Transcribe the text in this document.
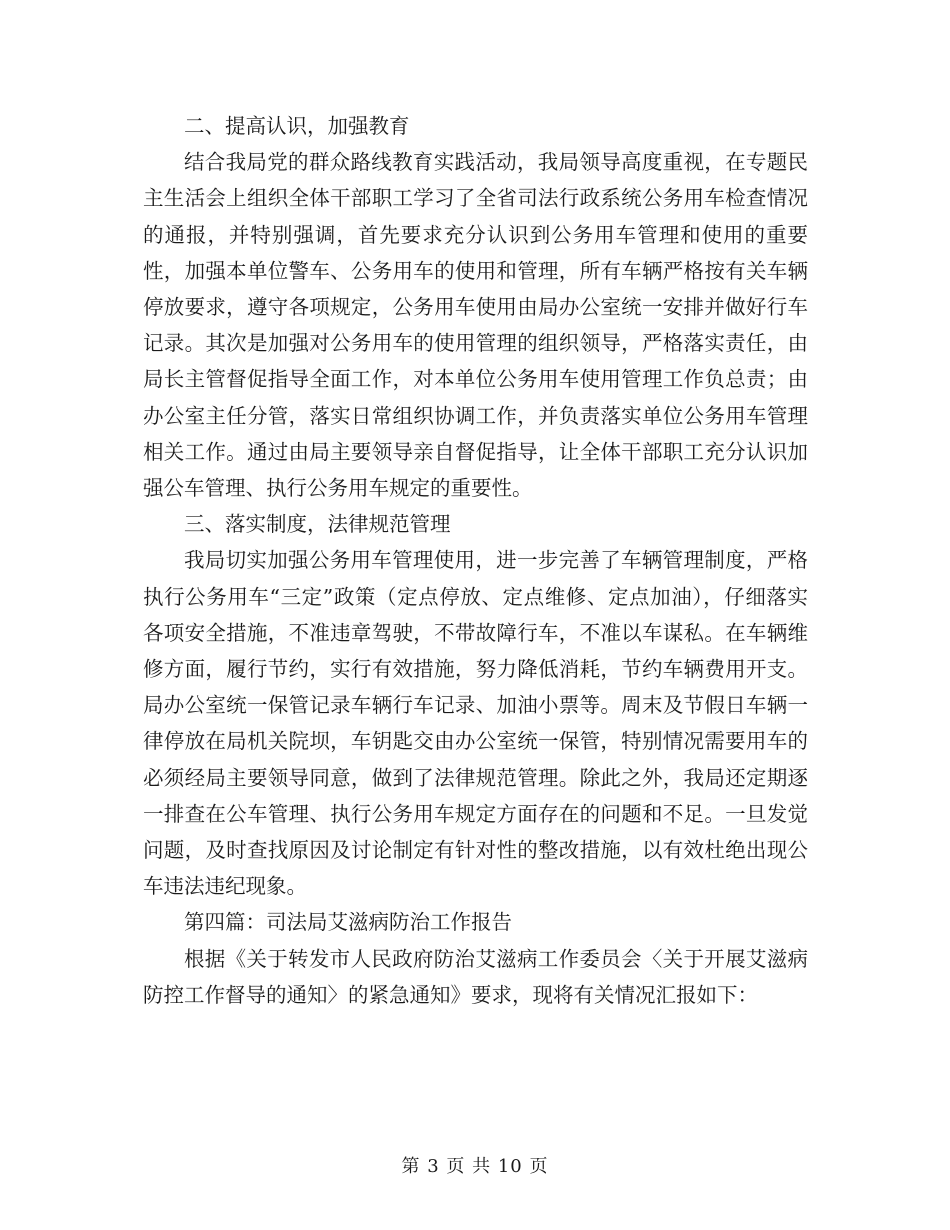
二、提高认识，加强教育

结合我局党的群众路线教育实践活动，我局领导高度重视，在专题民主生活会上组织全体干部职工学习了全省司法行政系统公务用车检查情况的通报，并特别强调，首先要求充分认识到公务用车管理和使用的重要性，加强本单位警车、公务用车的使用和管理，所有车辆严格按有关车辆停放要求，遵守各项规定，公务用车使用由局办公室统一安排并做好行车记录。其次是加强对公务用车的使用管理的组织领导，严格落实责任，由局长主管督促指导全面工作，对本单位公务用车使用管理工作负总责；由办公室主任分管，落实日常组织协调工作，并负责落实单位公务用车管理相关工作。通过由局主要领导亲自督促指导，让全体干部职工充分认识加强公车管理、执行公务用车规定的重要性。

三、落实制度，法律规范管理

我局切实加强公务用车管理使用，进一步完善了车辆管理制度，严格执行公务用车“三定”政策（定点停放、定点维修、定点加油），仔细落实各项安全措施，不准违章驾驶，不带故障行车，不准以车谋私。在车辆维修方面，履行节约，实行有效措施，努力降低消耗，节约车辆费用开支。局办公室统一保管记录车辆行车记录、加油小票等。周末及节假日车辆一律停放在局机关院坝，车钥匙交由办公室统一保管，特别情况需要用车的必须经局主要领导同意，做到了法律规范管理。除此之外，我局还定期逐一排查在公车管理、执行公务用车规定方面存在的问题和不足。一旦发觉问题，及时查找原因及讨论制定有针对性的整改措施，以有效杜绝出现公车违法违纪现象。

第四篇：司法局艾滋病防治工作报告

根据《关于转发市人民政府防治艾滋病工作委员会〈关于开展艾滋病防控工作督导的通知〉的紧急通知》要求，现将有关情况汇报如下：

第 3 页 共 10 页
